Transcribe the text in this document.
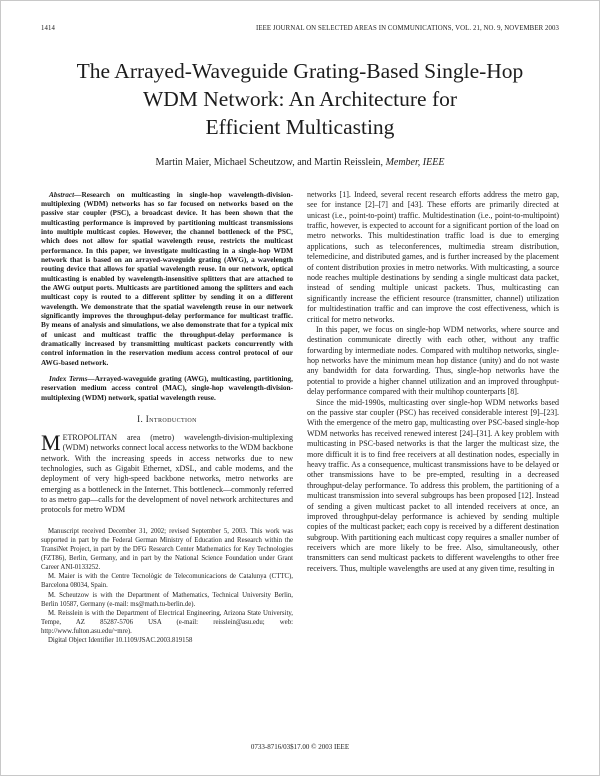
1414	IEEE JOURNAL ON SELECTED AREAS IN COMMUNICATIONS, VOL. 21, NO. 9, NOVEMBER 2003
The Arrayed-Waveguide Grating-Based Single-Hop
WDM Network: An Architecture for
Efficient Multicasting
Martin Maier, Michael Scheutzow, and Martin Reisslein, Member, IEEE

Abstract—Research on multicasting in single-hop wavelength-division-multiplexing (WDM) networks has so far focused on networks based on the passive star coupler (PSC), a broadcast device. It has been shown that the multicasting performance is improved by partitioning multicast transmissions into multiple multicast copies. However, the channel bottleneck of the PSC, which does not allow for spatial wavelength reuse, restricts the multicast performance. In this paper, we investigate multicasting in a single-hop WDM network that is based on an arrayed-waveguide grating (AWG), a wavelength routing device that allows for spatial wavelength reuse. In our network, optical multicasting is enabled by wavelength-insensitive splitters that are attached to the AWG output ports. Multicasts are partitioned among the splitters and each multicast copy is routed to a different splitter by sending it on a different wavelength. We demonstrate that the spatial wavelength reuse in our network significantly improves the throughput-delay performance for multicast traffic. By means of analysis and simulations, we also demonstrate that for a typical mix of unicast and multicast traffic the throughput-delay performance is dramatically increased by transmitting multicast packets concurrently with control information in the reservation medium access control protocol of our AWG-based network.

Index Terms—Arrayed-waveguide grating (AWG), multicasting, partitioning, reservation medium access control (MAC), single-hop wavelength-division-multiplexing (WDM) network, spatial wavelength reuse.

I. Introduction

METROPOLITAN area (metro) wavelength-division-multiplexing (WDM) networks connect local access networks to the WDM backbone network. With the increasing speeds in access networks due to new technologies, such as Gigabit Ethernet, xDSL, and cable modems, and the deployment of very high-speed backbone networks, metro networks are emerging as a bottleneck in the Internet. This bottleneck—commonly referred to as metro gap—calls for the development of novel network architectures and protocols for metro WDM

Manuscript received December 31, 2002; revised September 5, 2003. This work was supported in part by the Federal German Ministry of Education and Research within the TransiNet Project, in part by the DFG Research Center Mathematics for Key Technologies (FZT86), Berlin, Germany, and in part by the National Science Foundation under Grant Career ANI-0133252.

M. Maier is with the Centre Tecnològic de Telecomunicacions de Catalunya (CTTC), Barcelona 08034, Spain.

M. Scheutzow is with the Department of Mathematics, Technical University Berlin, Berlin 10587, Germany (e-mail: ms@math.tu-berlin.de).

M. Reisslein is with the Department of Electrical Engineering, Arizona State University, Tempe, AZ 85287-5706 USA (e-mail: reisslein@asu.edu; web: http://www.fulton.asu.edu/~mre).

Digital Object Identifier 10.1109/JSAC.2003.819158

networks [1]. Indeed, several recent research efforts address the metro gap, see for instance [2]–[7] and [43]. These efforts are primarily directed at unicast (i.e., point-to-point) traffic. Multidestination (i.e., point-to-multipoint) traffic, however, is expected to account for a significant portion of the load on metro networks. This multidestination traffic load is due to emerging applications, such as teleconferences, multimedia stream distribution, telemedicine, and distributed games, and is further increased by the placement of content distribution proxies in metro networks. With multicasting, a source node reaches multiple destinations by sending a single multicast data packet, instead of sending multiple unicast packets. Thus, multicasting can significantly increase the efficient resource (transmitter, channel) utilization for multidestination traffic and can improve the cost effectiveness, which is critical for metro networks.

In this paper, we focus on single-hop WDM networks, where source and destination communicate directly with each other, without any traffic forwarding by intermediate nodes. Compared with multihop networks, single-hop networks have the minimum mean hop distance (unity) and do not waste any bandwidth for data forwarding. Thus, single-hop networks have the potential to provide a higher channel utilization and an improved throughput-delay performance compared with their multihop counterparts [8].

Since the mid-1990s, multicasting over single-hop WDM networks based on the passive star coupler (PSC) has received considerable interest [9]–[23]. With the emergence of the metro gap, multicasting over PSC-based single-hop WDM networks has received renewed interest [24]–[31]. A key problem with multicasting in PSC-based networks is that the larger the multicast size, the more difficult it is to find free receivers at all destination nodes, especially in heavy traffic. As a consequence, multicast transmissions have to be delayed or other transmissions have to be pre-empted, resulting in a decreased throughput-delay performance. To address this problem, the partitioning of a multicast transmission into several subgroups has been proposed [12]. Instead of sending a given multicast packet to all intended receivers at once, an improved throughput-delay performance is achieved by sending multiple copies of the multicast packet; each copy is received by a different destination subgroup. With partitioning each multicast copy requires a smaller number of receivers which are more likely to be free. Also, simultaneously, other transmitters can send multicast packets to different wavelengths to other free receivers. Thus, multiple wavelengths are used at any given time, resulting in

0733-8716/03$17.00 © 2003 IEEE
